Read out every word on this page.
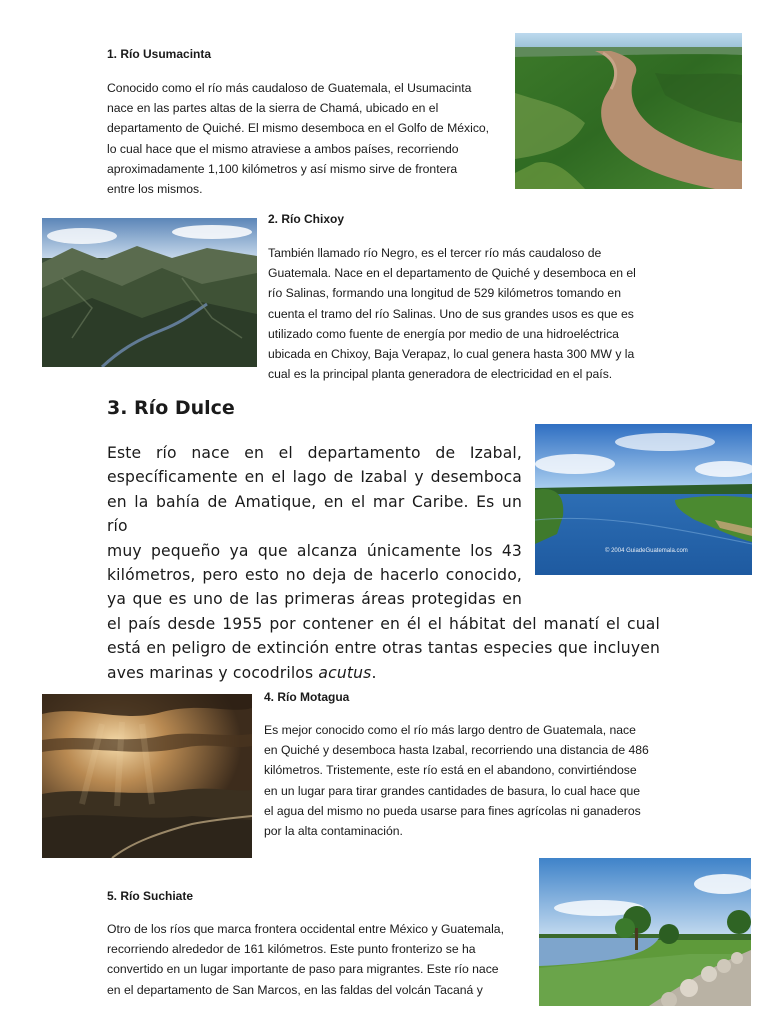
1. Río Usumacinta

Conocido como el río más caudaloso de Guatemala, el Usumacinta

nace en las partes altas de la sierra de Chamá, ubicado en el

departamento de Quiché. El mismo desemboca en el Golfo de México,

lo cual hace que el mismo atraviese a ambos países, recorriendo

aproximadamente 1,100 kilómetros y así mismo sirve de frontera

entre los mismos.

2. Río Chixoy

También llamado río Negro, es el tercer río más caudaloso de

Guatemala. Nace en el departamento de Quiché y desemboca en el

río Salinas, formando una longitud de 529 kilómetros tomando en

cuenta el tramo del río Salinas. Uno de sus grandes usos es que es

utilizado como fuente de energía por medio de una hidroeléctrica

ubicada en Chixoy, Baja Verapaz, lo cual genera hasta 300 MW y la

cual es la principal planta generadora de electricidad en el país.

3. Río Dulce

Este río nace en el departamento de Izabal,

específicamente en el lago de Izabal y desemboca

en la bahía de Amatique, en el mar Caribe. Es un río

muy pequeño ya que alcanza únicamente los 43

kilómetros, pero esto no deja de hacerlo conocido,

ya que es uno de las primeras áreas protegidas en

el país desde 1955 por contener en él el hábitat del manatí el cual

está en peligro de extinción entre otras tantas especies que incluyen

aves marinas y cocodrilos acutus.

© 2004 GuiadeGuatemala.com
4. Río Motagua

Es mejor conocido como el río más largo dentro de Guatemala, nace

en Quiché y desemboca hasta Izabal, recorriendo una distancia de 486

kilómetros. Tristemente, este río está en el abandono, convirtiéndose

en un lugar para tirar grandes cantidades de basura, lo cual hace que

el agua del mismo no pueda usarse para fines agrícolas ni ganaderos

por la alta contaminación.

5. Río Suchiate

Otro de los ríos que marca frontera occidental entre México y Guatemala,

recorriendo alrededor de 161 kilómetros. Este punto fronterizo se ha

convertido en un lugar importante de paso para migrantes. Este río nace

en el departamento de San Marcos, en las faldas del volcán Tacaná y
